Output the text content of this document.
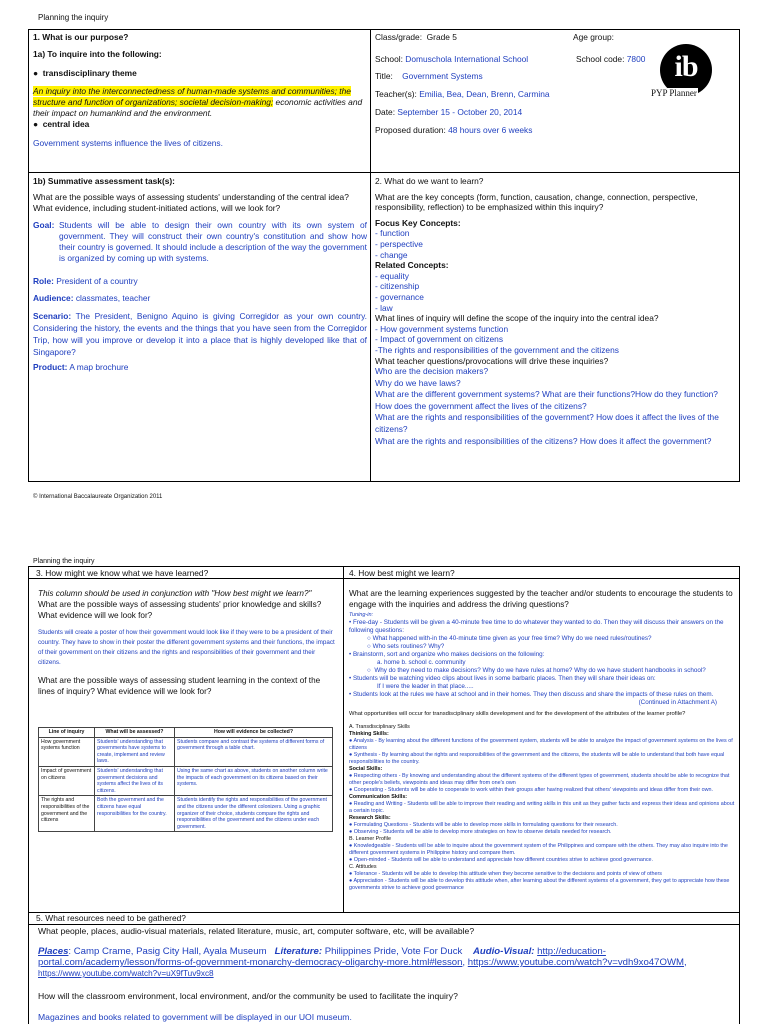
Planning the inquiry
1. What is our purpose?
1a) To inquire into the following:
●  transdisciplinary theme
An inquiry into the interconnectedness of human-made systems and communities; the structure and function of organizations; societal decision-making; economic activities and their impact on humankind and the environment.
●  central idea
Government systems influence the lives of citizens.
Class/grade: Grade 5	Age group:
School: Domuschola International School	School code: 7800
Title: Government Systems
Teacher(s): Emilia, Bea, Dean, Brenn, Carmina
Date: September 15 - October 20, 2014
Proposed duration: 48 hours over 6 weeks
ib
PYP Planner
1b) Summative assessment task(s):
What are the possible ways of assessing students' understanding of the central idea? What evidence, including student-initiated actions, will we look for?
Goal: Students will be able to design their own country with its own system of government. They will construct their own country's constitution and show how their country is governed. It should include a description of the way the government is organized by coming up with systems.
Role: President of a country
Audience: classmates, teacher
Scenario: The President, Benigno Aquino is giving Corregidor as your own country. Considering the history, the events and the things that you have seen from the Corregidor Trip, how will you improve or develop it into a place that is highly developed like that of Singapore?
Product: A map brochure
2. What do we want to learn?
What are the key concepts (form, function, causation, change, connection, perspective, responsibility, reflection) to be emphasized within this inquiry?
Focus Key Concepts:
- function
- perspective
- change
Related Concepts:
- equality
- citizenship
- governance
- law
What lines of inquiry will define the scope of the inquiry into the central idea?
- How government systems function
- Impact of government on citizens
-The rights and responsibilities of the government and the citizens
What teacher questions/provocations will drive these inquiries?
Who are the decision makers?
Why do we have laws?
What are the different government systems? What are their functions?How do they function?
How does the government affect the lives of the citizens?
What are the rights and responsibilities of the government? How does it affect the lives of the citizens?
What are the rights and responsibilities of the citizens? How does it affect the government?
© International Baccalaureate Organization 2011
Planning the inquiry
3. How might we know what we have learned?
This column should be used in conjunction with "How best might we learn?"
What are the possible ways of assessing students' prior knowledge and skills? What evidence will we look for?
Students will create a poster of how their government would look like if they were to be a president of their country. They have to show in their poster the different government systems and their functions, the impact of their government on their citizens and the rights and responsibilities of their government and their citizens.
What are the possible ways of assessing student learning in the context of the lines of inquiry? What evidence will we look for?
Line of inquiry	What will be assessed?	How will evidence be collected?
How government systems function	Students' understanding that governments have systems to create, implement and review laws.	Students compare and contrast the systems of different forms of government through a table chart.
Impact of government on citizens	Students' understanding that government decisions and systems affect the lives of its citizens.	Using the same chart as above, students on another column write the impacts of each government on its citizens based on their systems.
The rights and responsibilities of the government and the citizens	Both the government and the citizens have equal responsibilities for the country.	Students identify the rights and responsibilities of the government and the citizens under the different colonizers. Using a graphic organizer of their choice, students compare the rights and responsibilities of the government and the citizens under each government.
4. How best might we learn?
What are the learning experiences suggested by the teacher and/or students to encourage the students to engage with the inquiries and address the driving questions?
Tuning-in:
• Free-day - Students will be given a 40-minute free time to do whatever they wanted to do. Then they will discuss their answers on the following questions:
○ What happened with-in the 40-minute time given as your free time? Why do we need rules/routines?
○ Who sets routines? Why?
• Brainstorm, sort and organize who makes decisions on the following:
a. home b. school c. community
○  Why do they need to make decisions? Why do we have rules at home? Why do we have student handbooks in school?
• Students will be watching video clips about lives in some barbaric places. Then they will share their ideas on:
If I were the leader in that place.....
• Students look at the rules we have at school and in their homes. They then discuss and share the impacts of these rules on them.
(Continued in Attachment A)
What opportunities will occur for transdisciplinary skills development and for the development of the attributes of the learner profile?
A. Transdisciplinary Skills
Thinking Skills:
● Analysis - By learning about the different functions of the government system, students will be able to analyze the impact of government systems on the lives of citizens
● Synthesis - By learning about the rights and responsibilities of the government and the citizens, the students will be able to understand that both have equal responsibilities to the country.
Social Skills:
● Respecting others - By knowing and understanding about the different systems of the different types of government, students should be able to recognize that other people's beliefs, viewpoints and ideas may differ from one's own
● Cooperating - Students will be able to cooperate to work within their groups after having realized that others' viewpoints and ideas differ from their own.
Communication Skills:
● Reading and Writing - Students will be able to improve their reading and writing skills in this unit as they gather facts and express their ideas and opinions about a certain topic.
Research Skills:
● Formulating Questions - Students will be able to develop more skills in formulating questions for their research.
● Observing - Students will be able to develop more strategies on how to observe details needed for research.
B. Learner Profile
● Knowledgeable - Students will be able to inquire about the government system of the Philippines and compare with the others. They may also inquire into the different government systems in Philippine history and compare them.
● Open-minded - Students will be able to understand and appreciate how different countries strive to achieve good governance.
C. Attitudes
● Tolerance - Students will be able to develop this attitude when they become sensitive to the decisions and points of view of others
● Appreciation - Students will be able to develop this attitude when, after learning about the different systems of a government, they get to appreciate how these governments strive to achieve good governance
5. What resources need to be gathered?
What people, places, audio-visual materials, related literature, music, art, computer software, etc, will be available?
Places: Camp Crame, Pasig City Hall, Ayala Museum Literature: Philippines Pride, Vote For Duck Audio-Visual: http://education-portal.com/academy/lesson/forms-of-government-monarchy-democracy-oligarchy-more.html#lesson, https://www.youtube.com/watch?v=vdh9xo47OWM,
https://www.youtube.com/watch?v=uX9fTuv9xc8
How will the classroom environment, local environment, and/or the community be used to facilitate the inquiry?
Magazines and books related to government will be displayed in our UOI museum.
